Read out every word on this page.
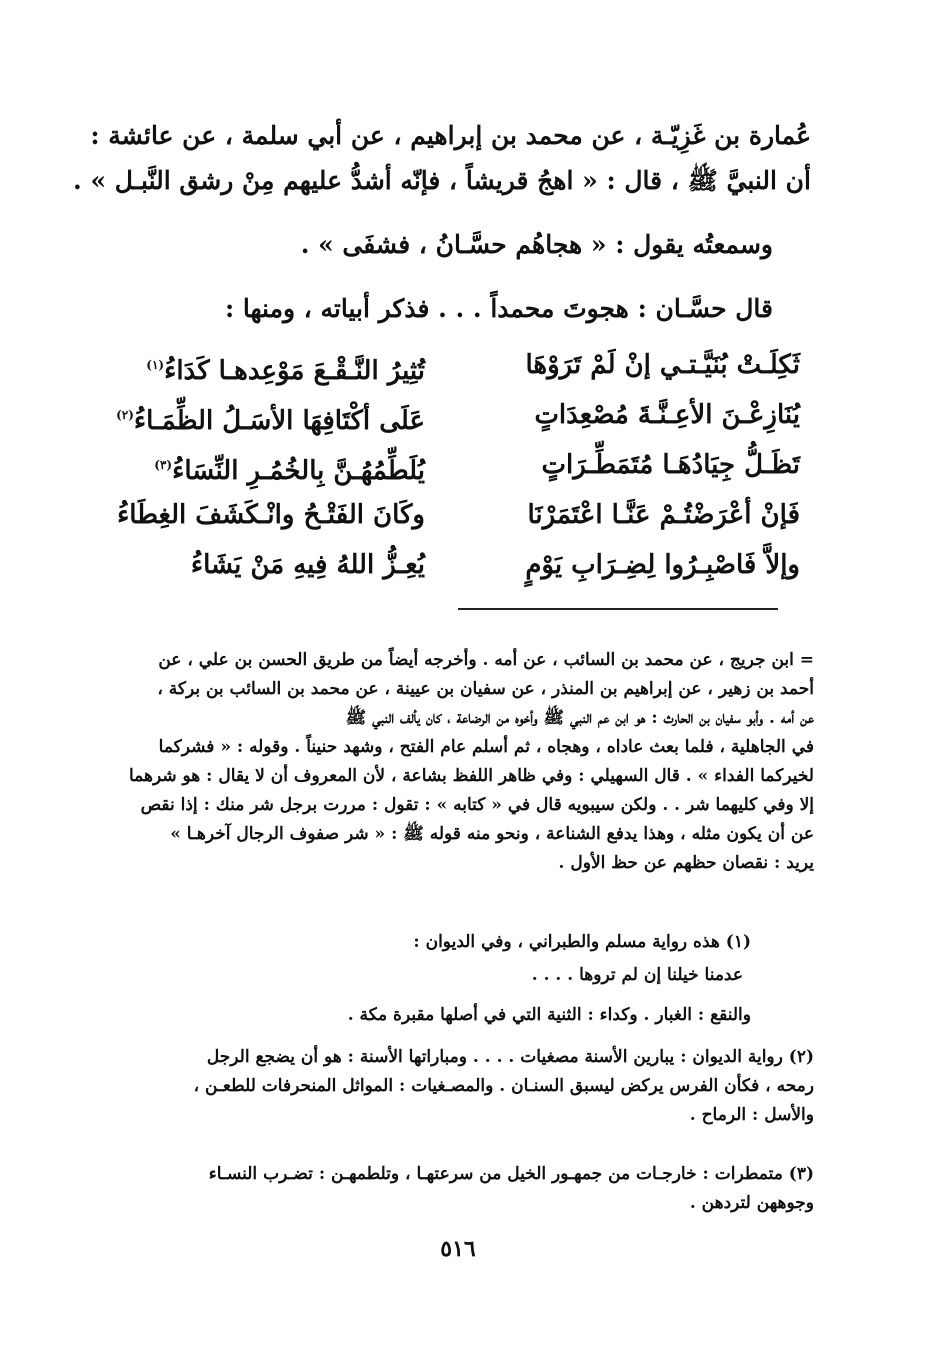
عُمارة بن غَزِيّـة ، عن محمد بن إبراهيم ، عن أبي سلمة ، عن عائشة :
أن النبيَّ ﷺ ، قال : « اهجُ قريشاً ، فإنّه أشدُّ عليهم مِنْ رشق النَّبـل » .
وسمعتُه يقول : « هجاهُم حسَّـانُ ، فشفَى » .
قال حسَّـان : هجوتَ محمداً . . . فذكر أبياته ، ومنها :
ثَكِلَـتْ بُنَيَّـتـي إنْ لَمْ تَرَوْهَا
تُثِيرُ النَّـقْـعَ مَوْعِدهـا كَدَاءُ$^{(١)}$
يُنَازِعْـنَ الأعِـنَّـةَ مُصْعِدَاتٍ
عَلَى أكْتَافِهَا الأسَـلُ الظِّمَـاءُ$^{(٢)}$
تَظَـلُّ جِيَادُهَـا مُتَمَطِّـرَاتٍ
يُلَطِّمُهُـنَّ بِالخُمُـرِ النِّسَاءُ$^{(٣)}$
فَإنْ أعْرَضْتُـمْ عَنَّـا اعْتَمَرْنَا
وكَانَ الفَتْـحُ وانْـكَشَفَ الغِطَاءُ
وإلاَّ فَاصْبِـرُوا لِضِـرَابِ يَوْمٍ
يُعِـزُّ اللهُ فِيهِ مَنْ يَشَاءُ

= ابن جريج ، عن محمد بن السائب ، عن أمه . وأخرجه أيضاً من طريق الحسن بن علي ، عن

أحمد بن زهير ، عن إبراهيم بن المنذر ، عن سفيان بن عيينة ، عن محمد بن السائب بن بركة ،

عن أمه . وأبو سفيان بن الحارث : هو ابن عم النبي ﷺ وأخوه من الرضاعة ، كان يألف النبي ﷺ

في الجاهلية ، فلما بعث عاداه ، وهجاه ، ثم أسلم عام الفتح ، وشهد حنيناً . وقوله : « فشركما

لخيركما الفداء » . قال السهيلي : وفي ظاهر اللفظ بشاعة ، لأن المعروف أن لا يقال : هو شرهما

إلا وفي كليهما شر . . ولكن سيبويه قال في « كتابه » : تقول : مررت برجل شر منك : إذا نقص

عن أن يكون مثله ، وهذا يدفع الشناعة ، ونحو منه قوله ﷺ : « شر صفوف الرجال آخرهـا »

يريد : نقصان حظهم عن حظ الأول .

(١) هذه رواية مسلم والطبراني ، وفي الديوان :
عدمنا خيلنا إن لم تروها . . . .
والنقع : الغبار . وكداء : الثنية التي في أصلها مقبرة مكة .

(٢) رواية الديوان : يبارين الأسنة مصغيات . . . . ومباراتها الأسنة : هو أن يضجع الرجل

رمحه ، فكأن الفرس يركض ليسبق السنـان . والمصـغيات : المواثل المنحرفات للطعـن ،

والأسل : الرماح .

(٣) متمطرات : خارجـات من جمهـور الخيل من سرعتهـا ، وتلطمهـن : تضـرب النسـاء

وجوههن لتردهن .

٥١٦
